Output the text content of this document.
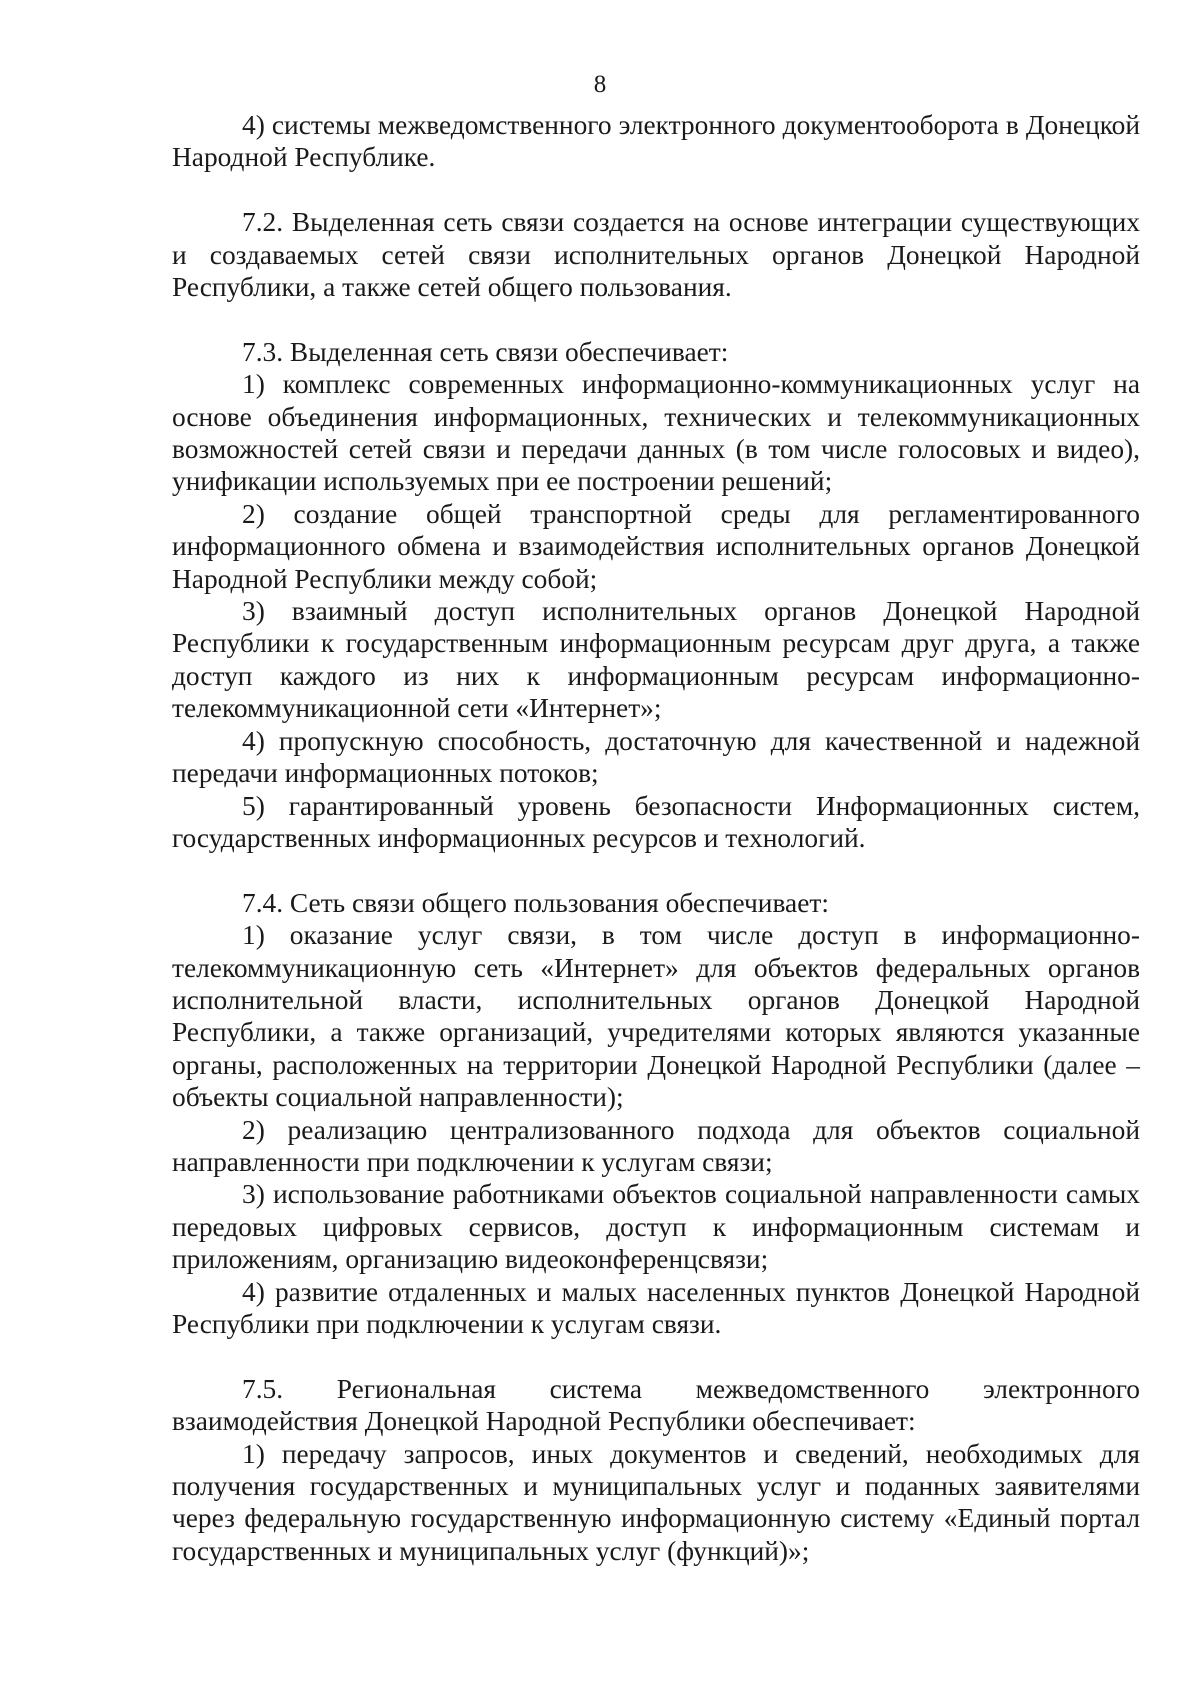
8

4) системы межведомственного электронного документооборота в Донецкой Народной Республике.

7.2. Выделенная сеть связи создается на основе интеграции существующих и создаваемых сетей связи исполнительных органов Донецкой Народной Республики, а также сетей общего пользования.

7.3. Выделенная сеть связи обеспечивает:

1) комплекс современных информационно-коммуникационных услуг на основе объединения информационных, технических и телекоммуникационных возможностей сетей связи и передачи данных (в том числе голосовых и видео), унификации используемых при ее построении решений;

2) создание общей транспортной среды для регламентированного информационного обмена и взаимодействия исполнительных органов Донецкой Народной Республики между собой;

3) взаимный доступ исполнительных органов Донецкой Народной Республики к государственным информационным ресурсам друг друга, а также доступ каждого из них к информационным ресурсам информационно-телекоммуникационной сети «Интернет»;

4) пропускную способность, достаточную для качественной и надежной передачи информационных потоков;

5) гарантированный уровень безопасности Информационных систем, государственных информационных ресурсов и технологий.

7.4. Сеть связи общего пользования обеспечивает:

1) оказание услуг связи, в том числе доступ в информационно-телекоммуникационную сеть «Интернет» для объектов федеральных органов исполнительной власти, исполнительных органов Донецкой Народной Республики, а также организаций, учредителями которых являются указанные органы, расположенных на территории Донецкой Народной Республики (далее – объекты социальной направленности);

2) реализацию централизованного подхода для объектов социальной направленности при подключении к услугам связи;

3) использование работниками объектов социальной направленности самых передовых цифровых сервисов, доступ к информационным системам и приложениям, организацию видеоконференцсвязи;

4) развитие отдаленных и малых населенных пунктов Донецкой Народной Республики при подключении к услугам связи.

7.5. Региональная система межведомственного электронного взаимодействия Донецкой Народной Республики обеспечивает:

1) передачу запросов, иных документов и сведений, необходимых для получения государственных и муниципальных услуг и поданных заявителями через федеральную государственную информационную систему «Единый портал государственных и муниципальных услуг (функций)»;
